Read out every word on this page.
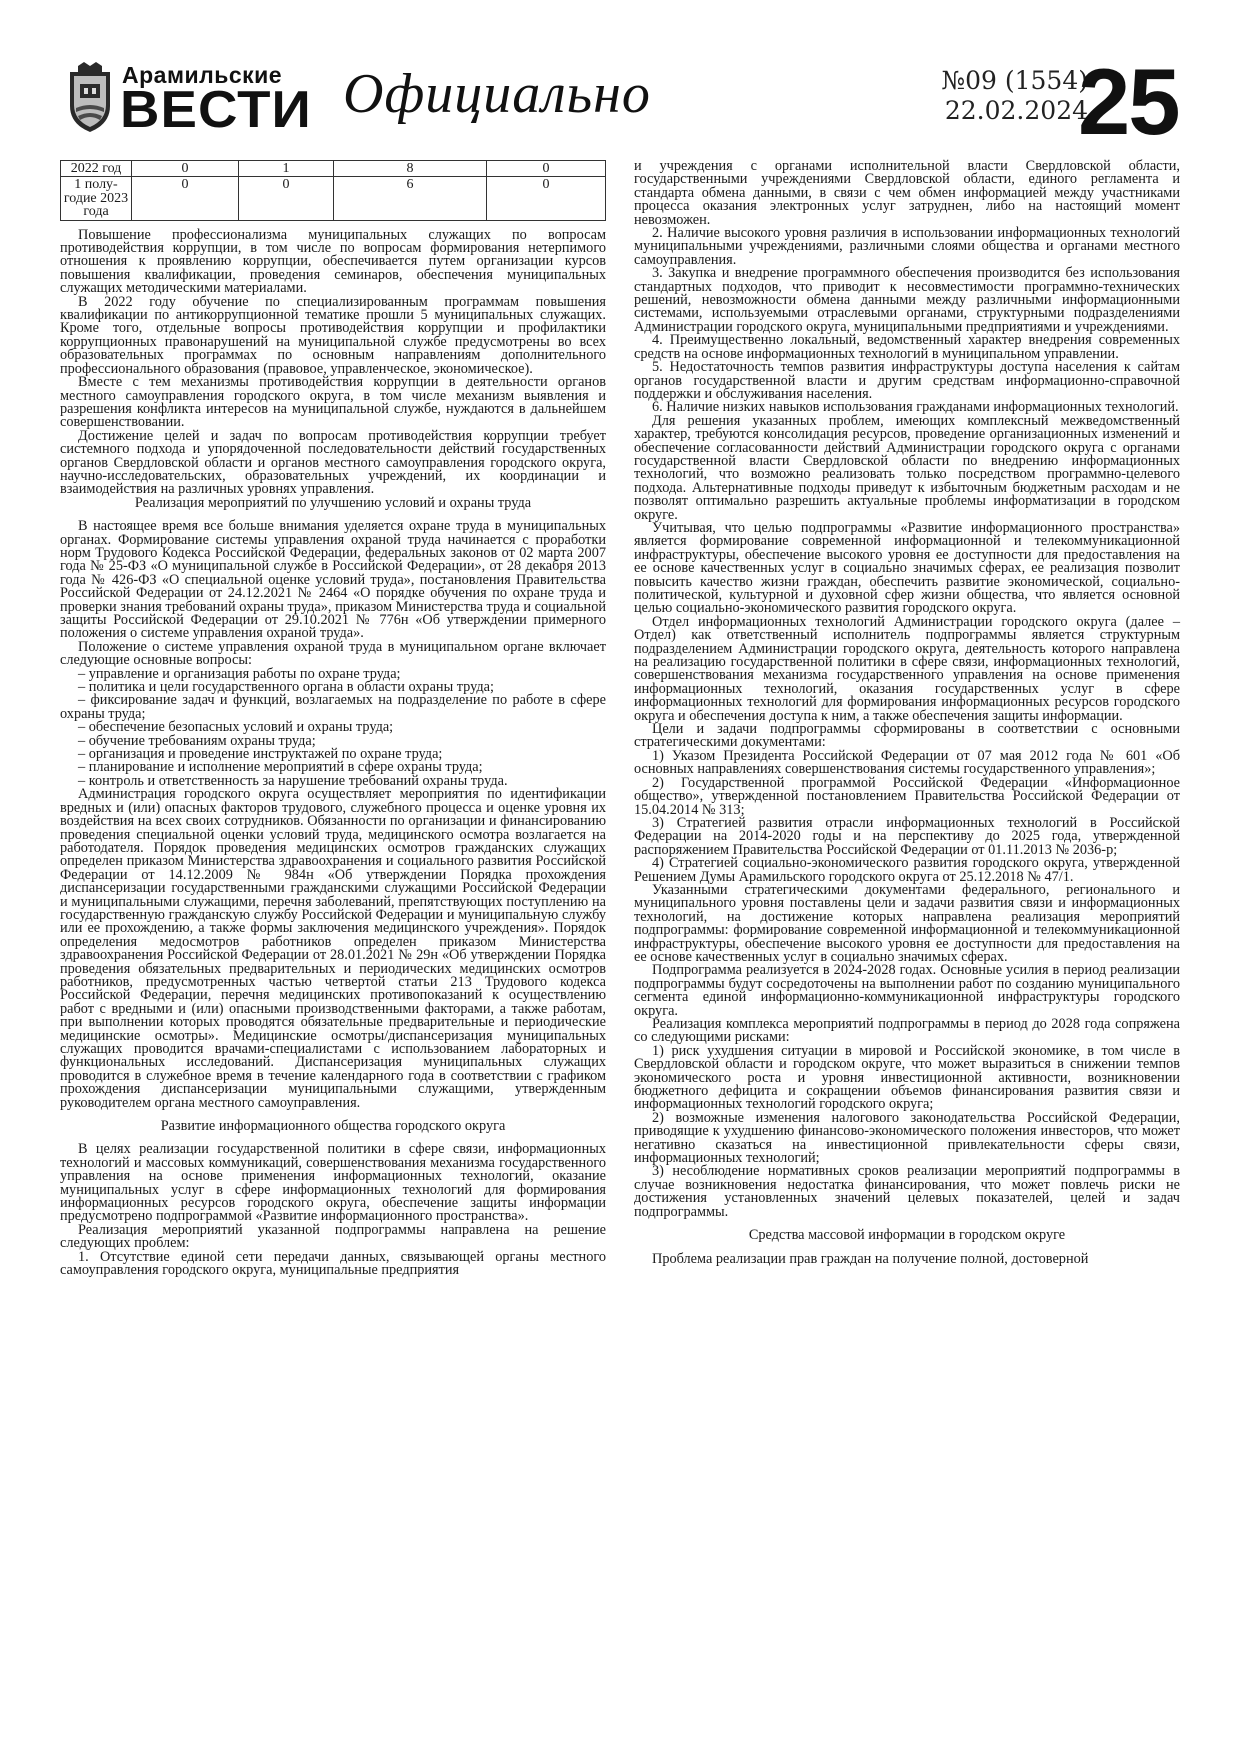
Арамильские
ВЕСТИ Официально	№09 (1554)
22.02.2024
25
2022 год	0	1	8	0
1 полу- годие 2023 года	0	0	6	0

Повышение профессионализма муниципальных служащих по вопросам противодействия коррупции, в том числе по вопросам формирования нетерпимого отношения к проявлению коррупции, обеспечивается путем организации курсов повышения квалификации, проведения семинаров, обеспечения муниципальных служащих методическими материалами.

В 2022 году обучение по специализированным программам повышения квалификации по антикоррупционной тематике прошли 5 муниципальных служащих. Кроме того, отдельные вопросы противодействия коррупции и профилактики коррупционных правонарушений на муниципальной службе предусмотрены во всех образовательных программах по основным направлениям дополнительного профессионального образования (правовое, управленческое, экономическое).

Вместе с тем механизмы противодействия коррупции в деятельности органов местного самоуправления городского округа, в том числе механизм выявления и разрешения конфликта интересов на муниципальной службе, нуждаются в дальнейшем совершенствовании.

Достижение целей и задач по вопросам противодействия коррупции требует системного подхода и упорядоченной последовательности действий государственных органов Свердловской области и органов местного самоуправления городского округа, научно-исследовательских, образовательных учреждений, их координации и взаимодействия на различных уровнях управления.

Реализация мероприятий по улучшению условий и охраны труда

В настоящее время все больше внимания уделяется охране труда в муниципальных органах. Формирование системы управления охраной труда начинается с проработки норм Трудового Кодекса Российской Федерации, федеральных законов от 02 марта 2007 года № 25-ФЗ «О муниципальной службе в Российской Федерации», от 28 декабря 2013 года № 426-ФЗ «О специальной оценке условий труда», постановления Правительства Российской Федерации от 24.12.2021 № 2464 «О порядке обучения по охране труда и проверки знания требований охраны труда», приказом Министерства труда и социальной защиты Российской Федерации от 29.10.2021 № 776н «Об утверждении примерного положения о системе управления охраной труда».

Положение о системе управления охраной труда в муниципальном органе включает следующие основные вопросы:

– управление и организация работы по охране труда;

– политика и цели государственного органа в области охраны труда;

– фиксирование задач и функций, возлагаемых на подразделение по работе в сфере охраны труда;

– обеспечение безопасных условий и охраны труда;

– обучение требованиям охраны труда;

– организация и проведение инструктажей по охране труда;

– планирование и исполнение мероприятий в сфере охраны труда;

– контроль и ответственность за нарушение требований охраны труда.

Администрация городского округа осуществляет мероприятия по идентификации вредных и (или) опасных факторов трудового, служебного процесса и оценке уровня их воздействия на всех своих сотрудников. Обязанности по организации и финансированию проведения специальной оценки условий труда, медицинского осмотра возлагается на работодателя. Порядок проведения медицинских осмотров гражданских служащих определен приказом Министерства здравоохранения и социального развития Российской Федерации от 14.12.2009 № 984н «Об утверждении Порядка прохождения диспансеризации государственными гражданскими служащими Российской Федерации и муниципальными служащими, перечня заболеваний, препятствующих поступлению на государственную гражданскую службу Российской Федерации и муниципальную службу или ее прохождению, а также формы заключения медицинского учреждения». Порядок определения медосмотров работников определен приказом Министерства здравоохранения Российской Федерации от 28.01.2021 № 29н «Об утверждении Порядка проведения обязательных предварительных и периодических медицинских осмотров работников, предусмотренных частью четвертой статьи 213 Трудового кодекса Российской Федерации, перечня медицинских противопоказаний к осуществлению работ с вредными и (или) опасными производственными факторами, а также работам, при выполнении которых проводятся обязательные предварительные и периодические медицинские осмотры». Медицинские осмотры/диспансеризация муниципальных служащих проводится врачами-специалистами с использованием лабораторных и функциональных исследований. Диспансеризация муниципальных служащих проводится в служебное время в течение календарного года в соответствии с графиком прохождения диспансеризации муниципальными служащими, утвержденным руководителем органа местного самоуправления.

Развитие информационного общества городского округа

В целях реализации государственной политики в сфере связи, информационных технологий и массовых коммуникаций, совершенствования механизма государственного управления на основе применения информационных технологий, оказание муниципальных услуг в сфере информационных технологий для формирования информационных ресурсов городского округа, обеспечение защиты информации предусмотрено подпрограммой «Развитие информационного пространства».

Реализация мероприятий указанной подпрограммы направлена на решение следующих проблем:

1. Отсутствие единой сети передачи данных, связывающей органы местного самоуправления городского округа, муниципальные предприятия

и учреждения с органами исполнительной власти Свердловской области, государственными учреждениями Свердловской области, единого регламента и стандарта обмена данными, в связи с чем обмен информацией между участниками процесса оказания электронных услуг затруднен, либо на настоящий момент невозможен.

2. Наличие высокого уровня различия в использовании информационных технологий муниципальными учреждениями, различными слоями общества и органами местного самоуправления.

3. Закупка и внедрение программного обеспечения производится без использования стандартных подходов, что приводит к несовместимости программно-технических решений, невозможности обмена данными между различными информационными системами, используемыми отраслевыми органами, структурными подразделениями Администрации городского округа, муниципальными предприятиями и учреждениями.

4. Преимущественно локальный, ведомственный характер внедрения современных средств на основе информационных технологий в муниципальном управлении.

5. Недостаточность темпов развития инфраструктуры доступа населения к сайтам органов государственной власти и другим средствам информационно-справочной поддержки и обслуживания населения.

6. Наличие низких навыков использования гражданами информационных технологий.

Для решения указанных проблем, имеющих комплексный межведомственный характер, требуются консолидация ресурсов, проведение организационных изменений и обеспечение согласованности действий Администрации городского округа с органами государственной власти Свердловской области по внедрению информационных технологий, что возможно реализовать только посредством программно-целевого подхода. Альтернативные подходы приведут к избыточным бюджетным расходам и не позволят оптимально разрешить актуальные проблемы информатизации в городском округе.

Учитывая, что целью подпрограммы «Развитие информационного пространства» является формирование современной информационной и телекоммуникационной инфраструктуры, обеспечение высокого уровня ее доступности для предоставления на ее основе качественных услуг в социально значимых сферах, ее реализация позволит повысить качество жизни граждан, обеспечить развитие экономической, социально-политической, культурной и духовной сфер жизни общества, что является основной целью социально-экономического развития городского округа.

Отдел информационных технологий Администрации городского округа (далее – Отдел) как ответственный исполнитель подпрограммы является структурным подразделением Администрации городского округа, деятельность которого направлена на реализацию государственной политики в сфере связи, информационных технологий, совершенствования механизма государственного управления на основе применения информационных технологий, оказания государственных услуг в сфере информационных технологий для формирования информационных ресурсов городского округа и обеспечения доступа к ним, а также обеспечения защиты информации.

Цели и задачи подпрограммы сформированы в соответствии с основными стратегическими документами:

1) Указом Президента Российской Федерации от 07 мая 2012 года № 601 «Об основных направлениях совершенствования системы государственного управления»;

2) Государственной программой Российской Федерации «Информационное общество», утвержденной постановлением Правительства Российской Федерации от 15.04.2014 № 313;

3) Стратегией развития отрасли информационных технологий в Российской Федерации на 2014-2020 годы и на перспективу до 2025 года, утвержденной распоряжением Правительства Российской Федерации от 01.11.2013 № 2036-р;

4) Стратегией социально-экономического развития городского округа, утвержденной Решением Думы Арамильского городского округа от 25.12.2018 № 47/1.

Указанными стратегическими документами федерального, регионального и муниципального уровня поставлены цели и задачи развития связи и информационных технологий, на достижение которых направлена реализация мероприятий подпрограммы: формирование современной информационной и телекоммуникационной инфраструктуры, обеспечение высокого уровня ее доступности для предоставления на ее основе качественных услуг в социально значимых сферах.

Подпрограмма реализуется в 2024-2028 годах. Основные усилия в период реализации подпрограммы будут сосредоточены на выполнении работ по созданию муниципального сегмента единой информационно-коммуникационной инфраструктуры городского округа.

Реализация комплекса мероприятий подпрограммы в период до 2028 года сопряжена со следующими рисками:

1) риск ухудшения ситуации в мировой и Российской экономике, в том числе в Свердловской области и городском округе, что может выразиться в снижении темпов экономического роста и уровня инвестиционной активности, возникновении бюджетного дефицита и сокращении объемов финансирования развития связи и информационных технологий городского округа;

2) возможные изменения налогового законодательства Российской Федерации, приводящие к ухудшению финансово-экономического положения инвесторов, что может негативно сказаться на инвестиционной привлекательности сферы связи, информационных технологий;

3) несоблюдение нормативных сроков реализации мероприятий подпрограммы в случае возникновения недостатка финансирования, что может повлечь риски не достижения установленных значений целевых показателей, целей и задач подпрограммы.

Средства массовой информации в городском округе

Проблема реализации прав граждан на получение полной, достоверной
